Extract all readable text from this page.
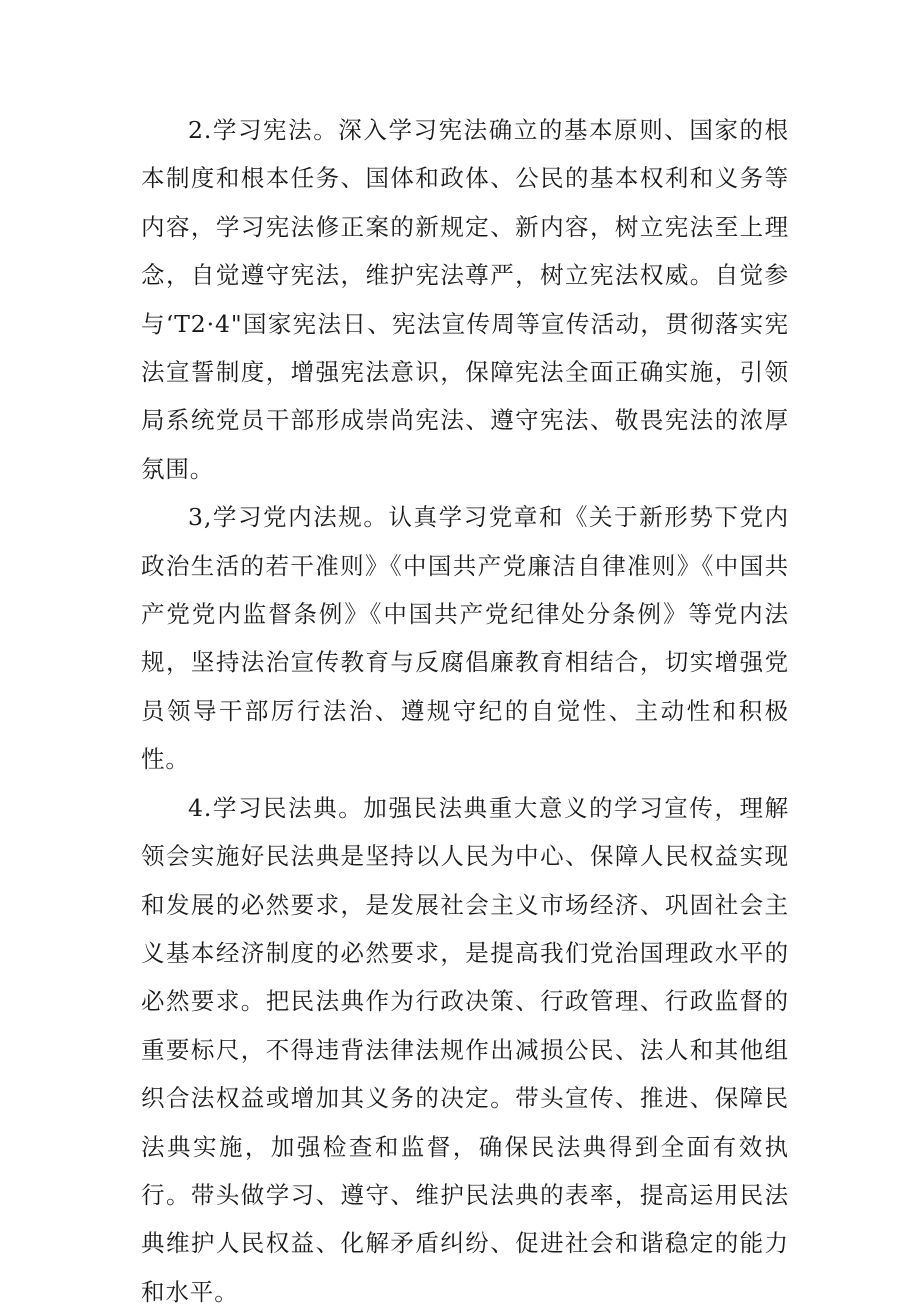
2.学习宪法。深入学习宪法确立的基本原则、国家的根本制度和根本任务、国体和政体、公民的基本权利和义务等内容，学习宪法修正案的新规定、新内容，树立宪法至上理念，自觉遵守宪法，维护宪法尊严，树立宪法权威。自觉参与‘T2·4"国家宪法日、宪法宣传周等宣传活动，贯彻落实宪法宣誓制度，增强宪法意识，保障宪法全面正确实施，引领局系统党员干部形成崇尚宪法、遵守宪法、敬畏宪法的浓厚氛围。

3,学习党内法规。认真学习党章和《关于新形势下党内政治生活的若干准则》《中国共产党廉洁自律准则》《中国共产党党内监督条例》《中国共产党纪律处分条例》等党内法规，坚持法治宣传教育与反腐倡廉教育相结合，切实增强党员领导干部厉行法治、遵规守纪的自觉性、主动性和积极性。

4.学习民法典。加强民法典重大意义的学习宣传，理解领会实施好民法典是坚持以人民为中心、保障人民权益实现和发展的必然要求，是发展社会主义市场经济、巩固社会主义基本经济制度的必然要求，是提高我们党治国理政水平的必然要求。把民法典作为行政决策、行政管理、行政监督的重要标尺，不得违背法律法规作出减损公民、法人和其他组织合法权益或增加其义务的决定。带头宣传、推进、保障民法典实施，加强检查和监督，确保民法典得到全面有效执行。带头做学习、遵守、维护民法典的表率，提高运用民法典维护人民权益、化解矛盾纠纷、促进社会和谐稳定的能力和水平。
